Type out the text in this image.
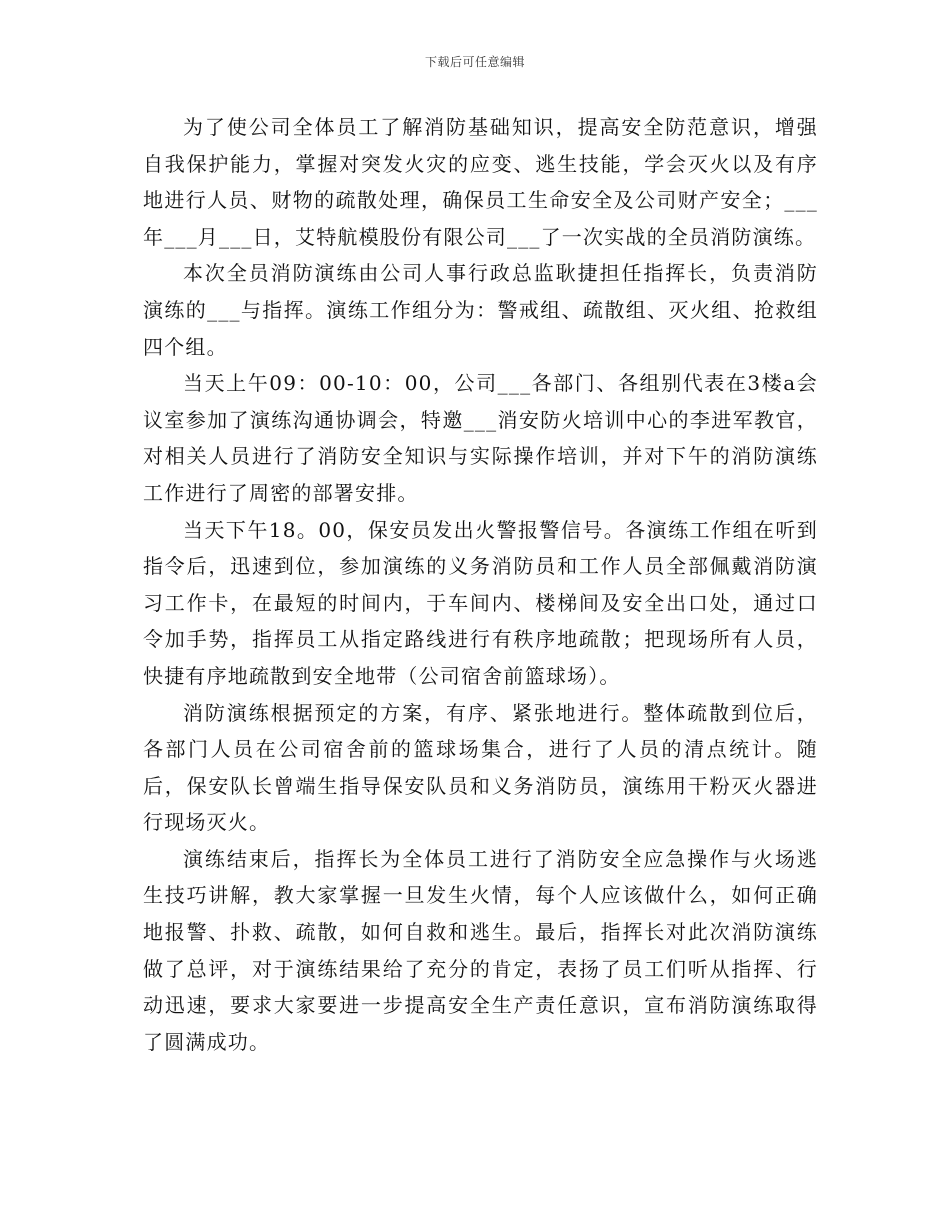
下载后可任意编辑

为了使公司全体员工了解消防基础知识，提高安全防范意识，增强自我保护能力，掌握对突发火灾的应变、逃生技能，学会灭火以及有序地进行人员、财物的疏散处理，确保员工生命安全及公司财产安全；___年___月___日，艾特航模股份有限公司___了一次实战的全员消防演练。

本次全员消防演练由公司人事行政总监耿捷担任指挥长，负责消防演练的___与指挥。演练工作组分为：警戒组、疏散组、灭火组、抢救组四个组。

当天上午09：00-10：00，公司___各部门、各组别代表在3楼a会议室参加了演练沟通协调会，特邀___消安防火培训中心的李进军教官，对相关人员进行了消防安全知识与实际操作培训，并对下午的消防演练工作进行了周密的部署安排。

当天下午18。00，保安员发出火警报警信号。各演练工作组在听到指令后，迅速到位，参加演练的义务消防员和工作人员全部佩戴消防演习工作卡，在最短的时间内，于车间内、楼梯间及安全出口处，通过口令加手势，指挥员工从指定路线进行有秩序地疏散；把现场所有人员，快捷有序地疏散到安全地带（公司宿舍前篮球场）。

消防演练根据预定的方案，有序、紧张地进行。整体疏散到位后，各部门人员在公司宿舍前的篮球场集合，进行了人员的清点统计。随后，保安队长曾端生指导保安队员和义务消防员，演练用干粉灭火器进行现场灭火。

演练结束后，指挥长为全体员工进行了消防安全应急操作与火场逃生技巧讲解，教大家掌握一旦发生火情，每个人应该做什么，如何正确地报警、扑救、疏散，如何自救和逃生。最后，指挥长对此次消防演练做了总评，对于演练结果给了充分的肯定，表扬了员工们听从指挥、行动迅速，要求大家要进一步提高安全生产责任意识，宣布消防演练取得了圆满成功。
